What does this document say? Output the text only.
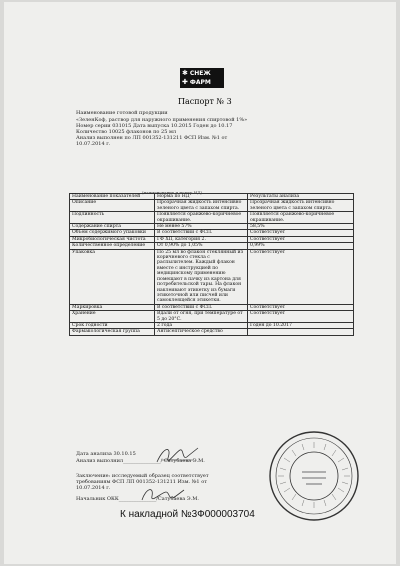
✱ СНЕЖ
✚ ФАРМ
Паспорт № 3
Наименование готовой продукции
«ЗеленКоф, раствор для наружного применения спиртовой 1%»
Номер серии 031015 Дата выпуска 10.2015 Годен до 10.17
Количество 10025 флаконов по 25 мл
Анализ выполнен по ЛП 001352-131211 ФСП Изм. №1 от
10.07.2014 г.
(наименование и номер НД)
Наименование показателей	Норма по НД	Результаты анализа
Описание	Прозрачная жидкость интенсивно зеленого цвета с запахом спирта.	Прозрачная жидкость интенсивно зеленого цвета с запахом спирта.
Подлинность	Появляется оранжево-коричневое окрашивание.	Появляется оранжево-коричневое окрашивание.
Содержание спирта	Не менее 57%	58,5%
Объем содержимого упаковки	В соответствии с ФСП.	Соответствует
Микробиологическая чистота	ГФ XII, категория 2.	Соответствует
Количественное определение	От 0,90% до 1,05%	0,99%
Упаковка	По 25 мл во флакон стеклянный из коричневого стекла с распылителем. Каждый флакон вместе с инструкцией по медицинскому применению помещают в пачку из картона для потребительской тары. На флакон наклеивают этикетку из бумаги этикеточной или писчей или самоклеящейся этикетки.	Соответствует
Маркировка	В соответствии с ФСП.	Соответствует
Хранение	Вдали от огня, при температуре от 5 до 20°С.	Соответствует
Срок годности	2 года	Годен до 10.2017
Фармакологическая группа	Антисептическое средство	
Дата анализа 30.10.15
Анализ выполнил_______________/ Сатубаева Э.М.
Заключение: исследуемый образец соответствует
требованиям ФСП ЛП 001352-131211 Изм. №1 от
10.07.2014 г.
Начальник ОКК_______________/Сатубаева Э.М.
К накладной №3Ф000003704
